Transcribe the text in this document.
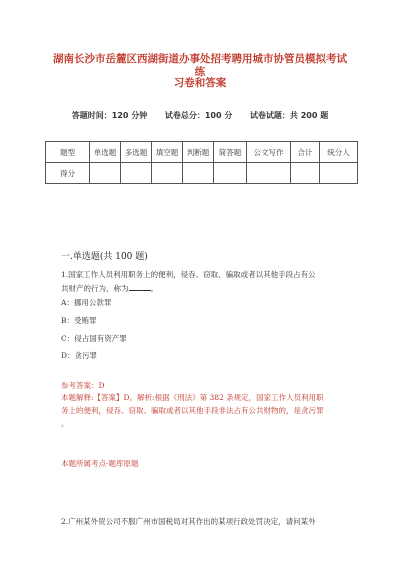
湖南长沙市岳麓区西湖街道办事处招考聘用城市协管员模拟考试练
习卷和答案
答题时间：120 分钟 试卷总分：100 分 试卷试题：共 200 题
题型	单选题	多选题	填空题	判断题	简答题	公文写作	合计	统分人
得分								
一.单选题(共 100 题)
1.国家工作人员利用职务上的便利，侵吞、窃取、骗取或者以其他手段占有公
共财产的行为，称为	。
A：挪用公款罪
B：受贿罪
C：侵占国有资产罪
D：贪污罪
参考答案：D
本题解释:【答案】D。解析:根据《刑法》第 382 条规定，国家工作人员利用职
务上的便利，侵吞、窃取、骗取或者以其他手段非法占有公共财物的，是贪污罪
。
本题所属考点-题库原题
2.广州某外贸公司不服广州市国税局对其作出的某项行政处罚决定，请问某外
